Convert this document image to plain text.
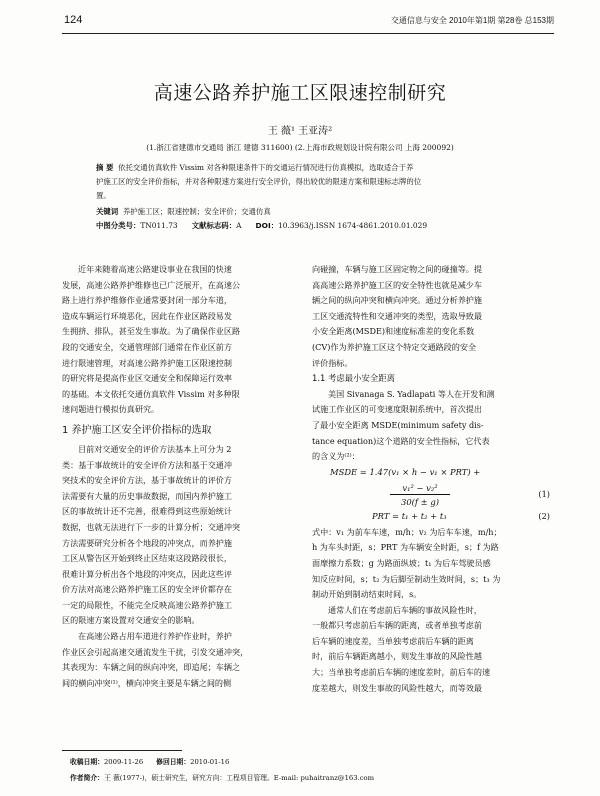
124	交通信息与安全 2010年第1期 第28卷 总153期
高速公路养护施工区限速控制研究
王 薇¹ 王亚涛²
(1.浙江省建德市交通局 浙江 建德 311600) (2.上海市政规划设计院有限公司 上海 200092)
摘 要 依托交通仿真软件 Vissim 对各种限速条件下的交通运行情况进行仿真模拟，选取适合于养
护施工区的安全评价指标，并对各种限速方案进行安全评价，得出较优的限速方案和限速标志牌的位
置。
关键词 养护施工区；限速控制；安全评价；交通仿真
中图分类号：TN011.73 文献标志码：A DOI：10.3963/j.ISSN 1674-4861.2010.01.029
近年来随着高速公路建设事业在我国的快速
发展，高速公路养护维修也已广泛展开，在高速公
路上进行养护维修作业通常要封闭一部分车道，
造成车辆运行环境恶化，因此在作业区路段易发
生拥挤、排队，甚至发生事故。为了确保作业区路
段的交通安全，交通管理部门通常在作业区前方
进行限速管理，对高速公路养护施工区限速控制
的研究将是提高作业区交通安全和保障运行效率
的基础。本文依托交通仿真软件 Vissim 对多种限
速问题进行模拟仿真研究。
1 养护施工区安全评价指标的选取
目前对交通安全的评价方法基本上可分为 2
类：基于事故统计的安全评价方法和基于交通冲
突技术的安全评价方法，基于事故统计的评价方
法需要有大量的历史事故数据，而国内养护施工
区的事故统计还不完善，很难得到这些原始统计
数据，也就无法进行下一步的计算分析；交通冲突
方法需要研究分析各个地段的冲突点，而养护施
工区从警告区开始到终止区结束这段路段很长，
很难计算分析出各个地段的冲突点，因此这些评
价方法对高速公路养护施工区的安全评价都存在
一定的局限性，不能完全反映高速公路养护施工
区的限速方案设置对交通安全的影响。
在高速公路占用车道进行养护作业时，养护
作业区会引起高速交通流发生干扰，引发交通冲突，
其表现为：车辆之间的纵向冲突，即追尾；车辆之
间的横向冲突⁽¹⁾，横向冲突主要是车辆之间的侧
向碰撞，车辆与施工区固定物之间的碰撞等。提
高高速公路养护施工区的安全特性也就是减少车
辆之间的纵向冲突和横向冲突。通过分析养护施
工区交通流特性和交通冲突的类型，选取导致最
小安全距离(MSDE)和速度标准差的变化系数
(CV)作为养护施工区这个特定交通路段的安全
评价指标。
1.1 考虑最小安全距离
美国 Sivanaga S. Yadlapati 等人在开发和测
试施工作业区的可变速度限制系统中，首次提出
了最小安全距离 MSDE(minimum safety dis-
tance equation)这个道路的安全性指标，它代表
的含义为⁽²⁾：
MSDE = 1.47(v₁ × h − v₁ × PRT) +
v₁² − v₂²
30(f ± g)
(1)
PRT = t₁ + t₂ + t₃	(2)
式中：v₁ 为前车车速，m/h；v₂ 为后车车速，m/h；
h 为车头时距，s；PRT 为车辆安全时距，s；f 为路
面摩擦力系数；g 为路面纵坡；t₁ 为后车驾驶员感
知反应时间，s；t₂ 为后脚至制动生效时间，s；t₃ 为
制动开始到制动结束时间，s。
通常人们在考虑前后车辆的事故风险性时，
一般都只考虑前后车辆的距离，或者单独考虑前
后车辆的速度差，当单独考虑前后车辆的距离
时，前后车辆距离越小，则发生事故的风险性越
大；当单独考虑前后车辆的速度差时，前后车的速
度差越大，则发生事故的风险性越大，而等效最
收稿日期：2009-11-26 修回日期：2010-01-16
作者简介：王 薇(1977-)，硕士研究生，研究方向：工程项目管理。E-mail: puhaitranz@163.com
